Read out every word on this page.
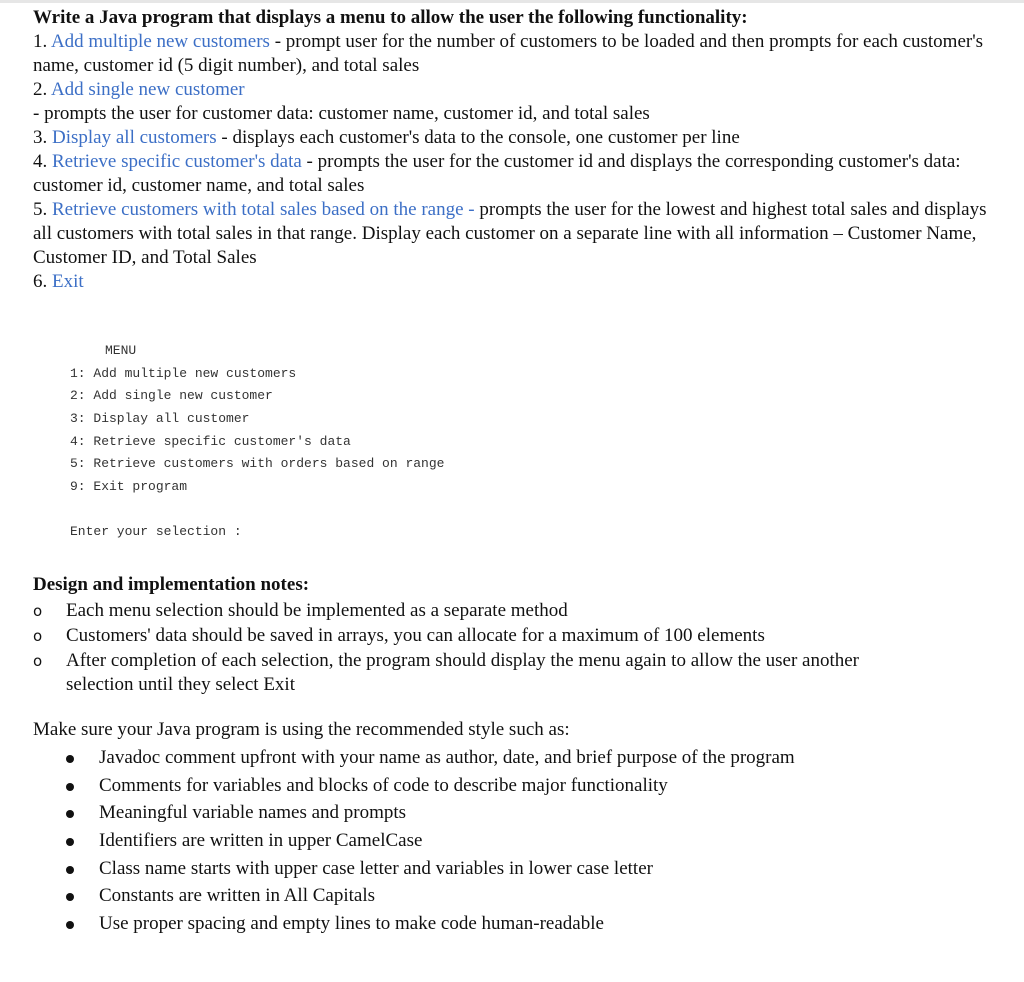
Write a Java program that displays a menu to allow the user the following functionality:

1. Add multiple new customers - prompt user for the number of customers to be loaded and then prompts for each customer's name, customer id (5 digit number), and total sales

2. Add single new customer- prompts the user for customer data: customer name, customer id, and total sales

3. Display all customers - displays each customer's data to the console, one customer per line

4. Retrieve specific customer's data - prompts the user for the customer id and displays the corresponding customer's data: customer id, customer name, and total sales

5. Retrieve customers with total sales based on the range - prompts the user for the lowest and highest total sales and displays all customers with total sales in that range. Display each customer on a separate line with all information – Customer Name, Customer ID, and Total Sales

6. Exit

MENU
1: Add multiple new customers
2: Add single new customer
3: Display all customer
4: Retrieve specific customer's data
5: Retrieve customers with orders based on range
9: Exit program
Enter your selection :
Design and implementation notes:
o Each menu selection should be implemented as a separate method
o Customers' data should be saved in arrays, you can allocate for a maximum of 100 elements
o After completion of each selection, the program should display the menu again to allow the user another selection until they select Exit

Make sure your Java program is using the recommended style such as:

Javadoc comment upfront with your name as author, date, and brief purpose of the program
Comments for variables and blocks of code to describe major functionality
Meaningful variable names and prompts
Identifiers are written in upper CamelCase
Class name starts with upper case letter and variables in lower case letter
Constants are written in All Capitals
Use proper spacing and empty lines to make code human-readable
